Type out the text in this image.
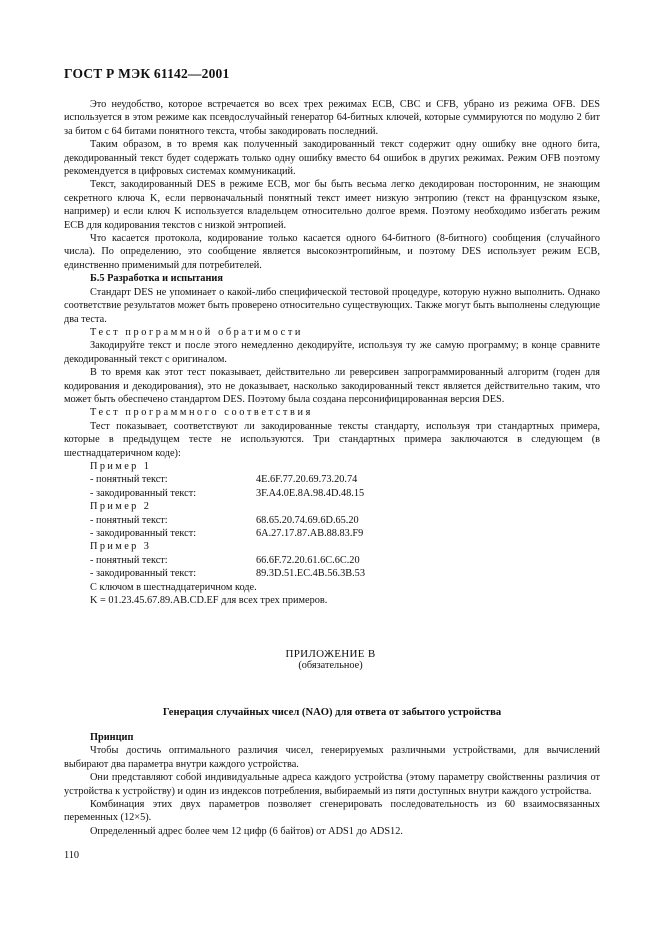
ГОСТ Р МЭК 61142—2001

Это неудобство, которое встречается во всех трех режимах ECB, CBC и CFB, убрано из режима OFB. DES используется в этом режиме как псевдослучайный генератор 64-битных ключей, которые суммируются по модулю 2 бит за битом с 64 битами понятного текста, чтобы закодировать последний.

Таким образом, в то время как полученный закодированный текст содержит одну ошибку вне одного бита, декодированный текст будет содержать только одну ошибку вместо 64 ошибок в других режимах. Режим OFB поэтому рекомендуется в цифровых системах коммуникаций.

Текст, закодированный DES в режиме ECB, мог бы быть весьма легко декодирован посторонним, не знающим секретного ключа K, если первоначальный понятный текст имеет низкую энтропию (текст на французском языке, например) и если ключ K используется владельцем относительно долгое время. Поэтому необходимо избегать режим ECB для кодирования текстов с низкой энтропией.

Что касается протокола, кодирование только касается одного 64-битного (8-битного) сообщения (случайного числа). По определению, это сообщение является высокоэнтропийным, и поэтому DES использует режим ECB, единственно применимый для потребителей.

Б.5 Разработка и испытания

Стандарт DES не упоминает о какой-либо специфической тестовой процедуре, которую нужно выполнить. Однако соответствие результатов может быть проверено относительно существующих. Также могут быть выполнены следующие два теста.

Тест программной обратимости

Закодируйте текст и после этого немедленно декодируйте, используя ту же самую программу; в конце сравните декодированный текст с оригиналом.

В то время как этот тест показывает, действительно ли реверсивен запрограммированный алгоритм (годен для кодирования и декодирования), это не доказывает, насколько закодированный текст является действительно таким, что может быть обеспечено стандартом DES. Поэтому была создана персонифицированная версия DES.

Тест программного соответствия

Тест показывает, соответствуют ли закодированные тексты стандарту, используя три стандартных примера, которые в предыдущем тесте не используются. Три стандартных примера заключаются в следующем (в шестнадцатеричном коде):

Пример 1

- понятный текст:	4E.6F.77.20.69.73.20.74
- закодированный текст:	3F.A4.0E.8A.98.4D.48.15

Пример 2

- понятный текст:	68.65.20.74.69.6D.65.20
- закодированный текст:	6A.27.17.87.AB.88.83.F9

Пример 3

- понятный текст:	66.6F.72.20.61.6C.6C.20
- закодированный текст:	89.3D.51.EC.4B.56.3B.53

С ключом в шестнадцатеричном коде.

K = 01.23.45.67.89.AB.CD.EF для всех трех примеров.

ПРИЛОЖЕНИЕ В
(обязательное)
Генерация случайных чисел (NAO) для ответа от забытого устройства

Принцип

Чтобы достичь оптимального различия чисел, генерируемых различными устройствами, для вычислений выбирают два параметра внутри каждого устройства.

Они представляют собой индивидуальные адреса каждого устройства (этому параметру свойственны различия от устройства к устройству) и один из индексов потребления, выбираемый из пяти доступных внутри каждого устройства.

Комбинация этих двух параметров позволяет сгенерировать последовательность из 60 взаимосвязанных переменных (12×5).

Определенный адрес более чем 12 цифр (6 байтов) от ADS1 до ADS12.

110
